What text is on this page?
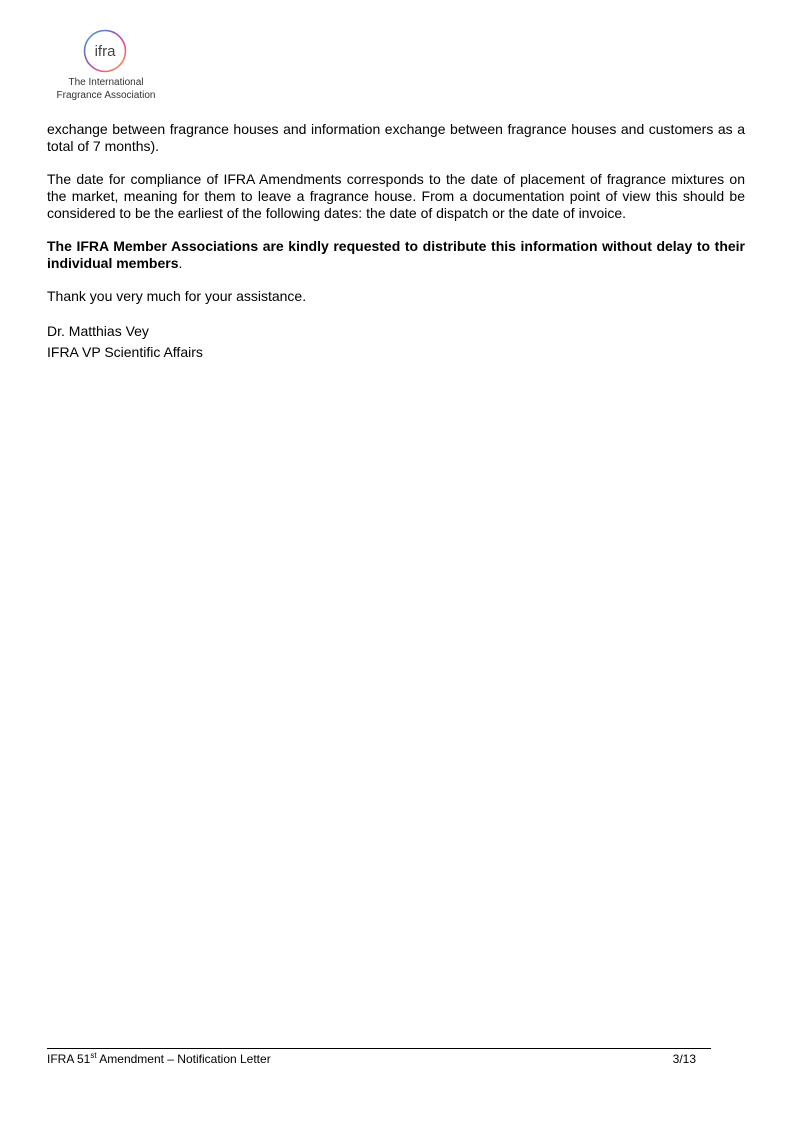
ifra
The International
Fragrance Association

exchange between fragrance houses and information exchange between fragrance houses and customers as a total of 7 months).

The date for compliance of IFRA Amendments corresponds to the date of placement of fragrance mixtures on the market, meaning for them to leave a fragrance house. From a documentation point of view this should be considered to be the earliest of the following dates: the date of dispatch or the date of invoice.

The IFRA Member Associations are kindly requested to distribute this information without delay to their individual members.

Thank you very much for your assistance.

Dr. Matthias Vey

IFRA VP Scientific Affairs

IFRA 51st Amendment – Notification Letter	3/13
